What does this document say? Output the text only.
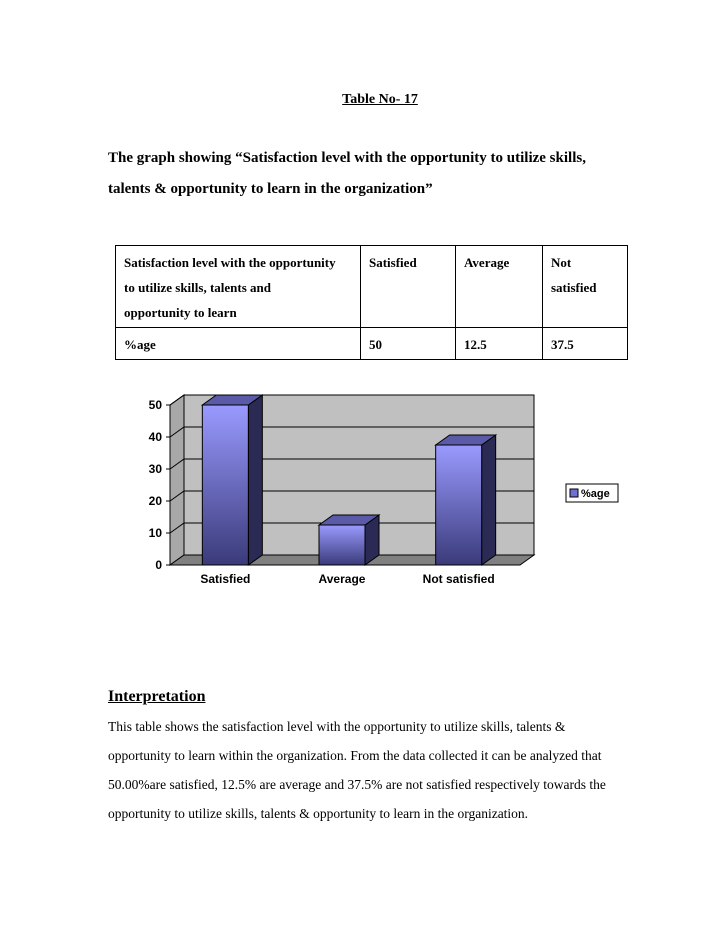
Table No- 17
The graph showing “Satisfaction level with the opportunity to utilize skills,
talents & opportunity to learn in the organization”
Satisfaction level with the opportunity
to utilize skills, talents and
opportunity to learn	Satisfied	Average	Not satisfied
%age	50	12.5	37.5
0
10
20
30
40
50
Satisfied	Average	Not satisfied
%age
Interpretation
This table shows the satisfaction level with the opportunity to utilize skills, talents &
opportunity to learn within the organization. From the data collected it can be analyzed that
50.00%are satisfied, 12.5% are average and 37.5% are not satisfied respectively towards the
opportunity to utilize skills, talents & opportunity to learn in the organization.
